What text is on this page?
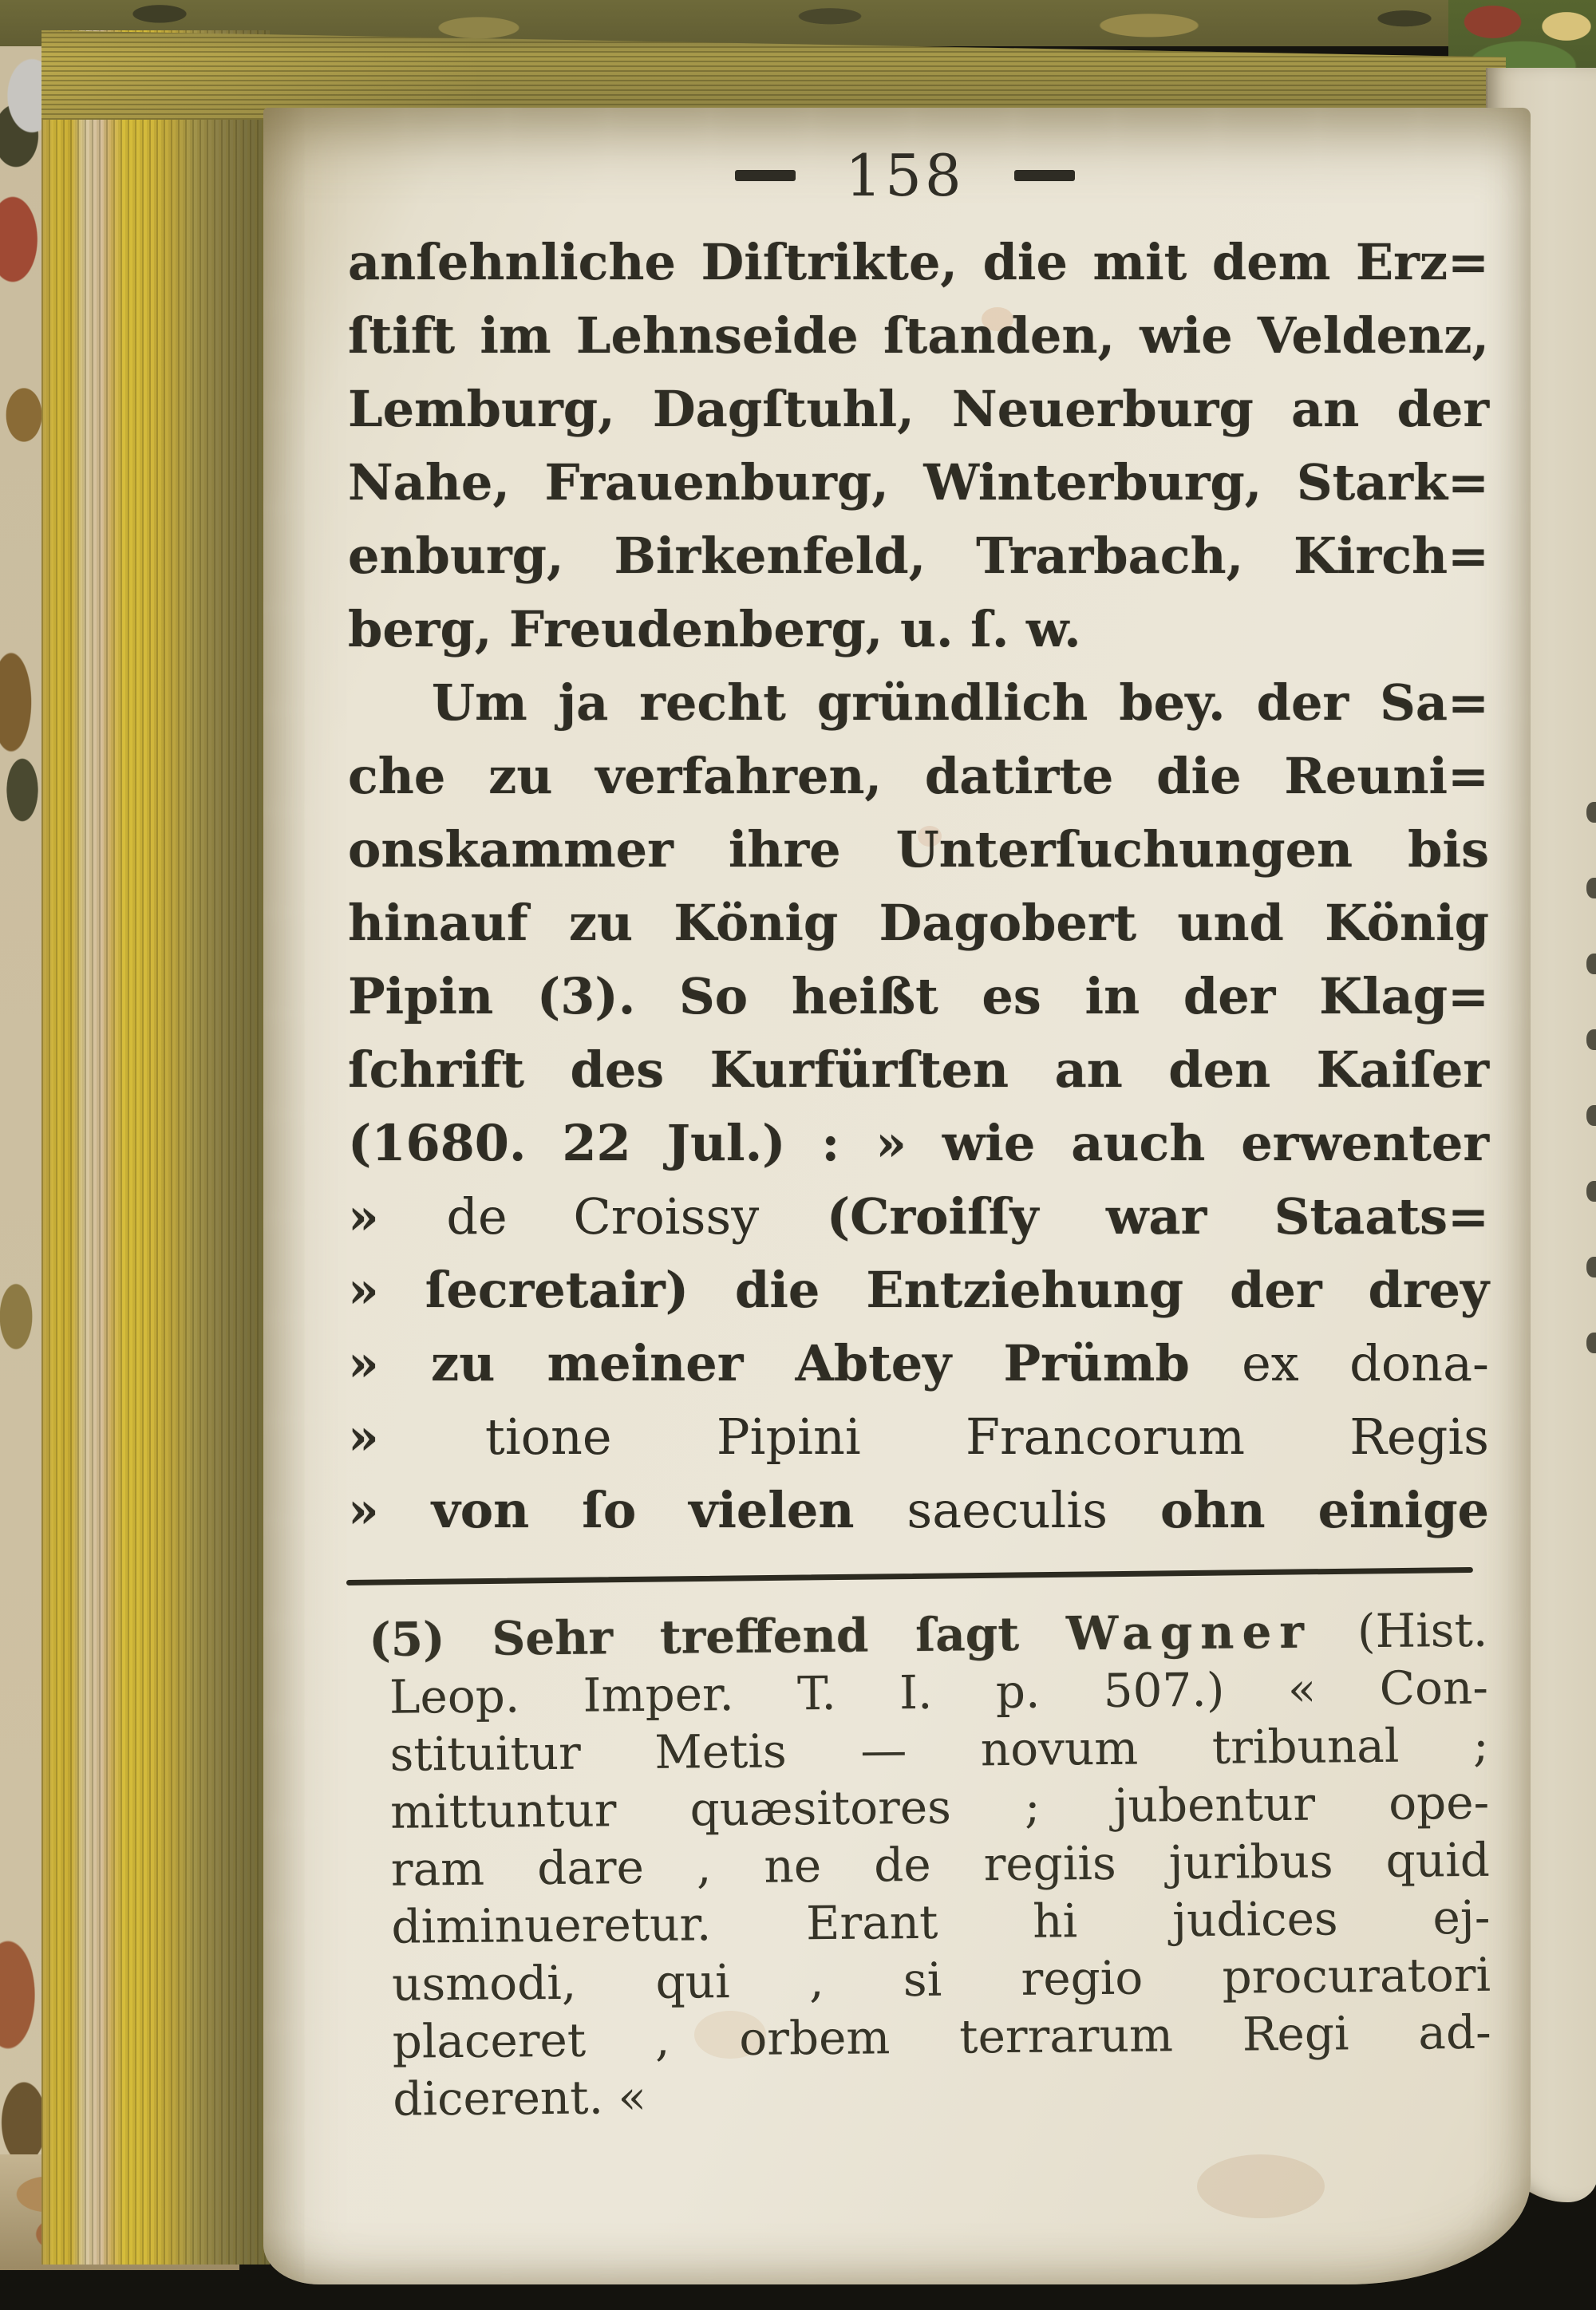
158
anſehnliche Diſtrikte, die mit dem Erz=
ſtift im Lehnseide ſtanden, wie Veldenz,
Lemburg, Dagſtuhl, Neuerburg an der
Nahe, Frauenburg, Winterburg, Stark=
enburg, Birkenfeld, Trarbach, Kirch=
berg, Freudenberg, u. ſ. w.
Um ja recht gründlich bey. der Sa=
che zu verfahren, datirte die Reuni=
onskammer ihre Unterſuchungen bis
hinauf zu König Dagobert und König
Pipin (3). So heißt es in der Klag=
ſchrift des Kurfürſten an den Kaiſer
(1680. 22 Jul.) : » wie auch erwenter
» de Croissy (Croiſſy war Staats=
» ſecretair) die Entziehung der drey
» zu meiner Abtey Prümb ex dona-
» tione Pipini Francorum Regis
» von ſo vielen saeculis ohn einige
(5) Sehr treffend ſagt Wagner (Hist.
Leop. Imper. T. I. p. 507.) « Con-
stituitur Metis — novum tribunal ;
mittuntur quæsitores ; jubentur ope-
ram dare , ne de regiis juribus quid
diminueretur. Erant hi judices ej-
usmodi, qui , si regio procuratori
placeret , orbem terrarum Regi ad-
dicerent. «
